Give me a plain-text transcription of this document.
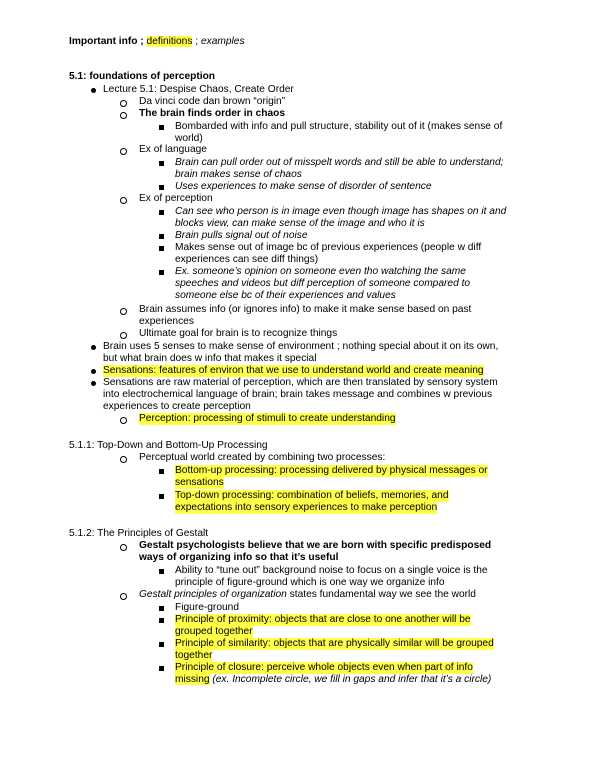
Important info ; definitions ; examples
5.1: foundations of perception
Lecture 5.1: Despise Chaos, Create Order
Da vinci code dan brown “origin”
The brain finds order in chaos
Bombarded with info and pull structure, stability out of it (makes sense of
world)
Ex of language
Brain can pull order out of misspelt words and still be able to understand;
brain makes sense of chaos
Uses experiences to make sense of disorder of sentence
Ex of perception
Can see who person is in image even though image has shapes on it and
blocks view, can make sense of the image and who it is
Brain pulls signal out of noise
Makes sense out of image bc of previous experiences (people w diff
experiences can see diff things)
Ex. someone’s opinion on someone even tho watching the same
speeches and videos but diff perception of someone compared to
someone else bc of their experiences and values
Brain assumes info (or ignores info) to make it make sense based on past
experiences
Ultimate goal for brain is to recognize things
Brain uses 5 senses to make sense of environment ; nothing special about it on its own,
but what brain does w info that makes it special
Sensations: features of environ that we use to understand world and create meaning
Sensations are raw material of perception, which are then translated by sensory system
into electrochemical language of brain; brain takes message and combines w previous
experiences to create perception
Perception: processing of stimuli to create understanding
5.1.1: Top-Down and Bottom-Up Processing
Perceptual world created by combining two processes:
Bottom-up processing: processing delivered by physical messages or
sensations
Top-down processing: combination of beliefs, memories, and
expectations into sensory experiences to make perception
5.1.2: The Principles of Gestalt
Gestalt psychologists believe that we are born with specific predisposed
ways of organizing info so that it’s useful
Ability to “tune out” background noise to focus on a single voice is the
principle of figure-ground which is one way we organize info
Gestalt principles of organization states fundamental way we see the world
Figure-ground
Principle of proximity: objects that are close to one another will be
grouped together
Principle of similarity: objects that are physically similar will be grouped
together
Principle of closure: perceive whole objects even when part of info
missing (ex. Incomplete circle, we fill in gaps and infer that it’s a circle)
